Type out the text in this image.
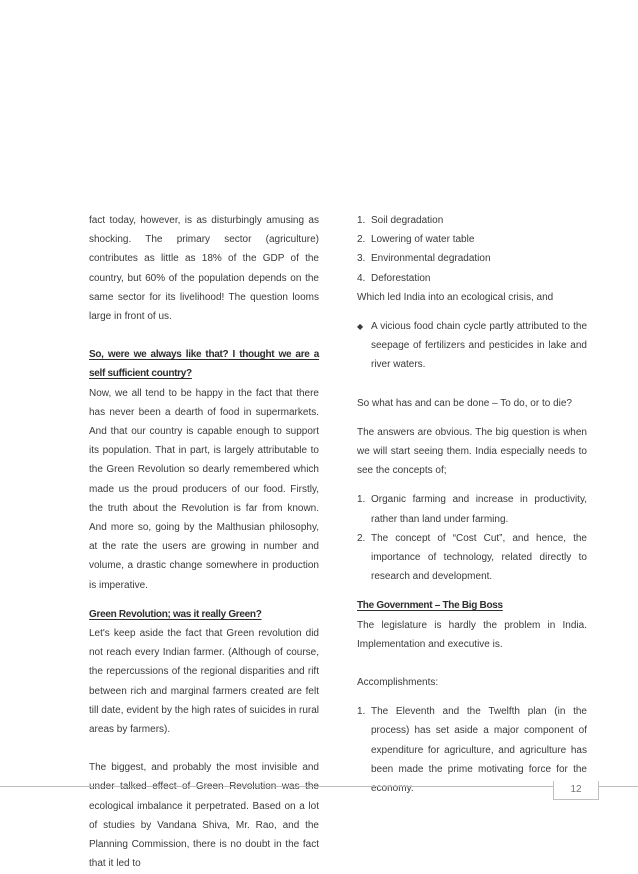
fact today, however, is as disturbingly amusing as shocking. The primary sector (agriculture) contributes as little as 18% of the GDP of the country, but 60% of the population depends on the same sector for its livelihood! The question looms large in front of us.

So, were we always like that? I thought we are a self sufficient country?

Now, we all tend to be happy in the fact that there has never been a dearth of food in supermarkets. And that our country is capable enough to support its population. That in part, is largely attributable to the Green Revolution so dearly remembered which made us the proud producers of our food. Firstly, the truth about the Revolution is far from known. And more so, going by the Malthusian philosophy, at the rate the users are growing in number and volume, a drastic change somewhere in production is imperative.

Green Revolution; was it really Green?

Let's keep aside the fact that Green revolution did not reach every Indian farmer. (Although of course, the repercussions of the regional disparities and rift between rich and marginal farmers created are felt till date, evident by the high rates of suicides in rural areas by farmers).

The biggest, and probably the most invisible and under talked effect of Green Revolution was the ecological imbalance it perpetrated. Based on a lot of studies by Vandana Shiva, Mr. Rao, and the Planning Commission, there is no doubt in the fact that it led to

1. Soil degradation
2. Lowering of water table
3. Environmental degradation
4. Deforestation

Which led India into an ecological crisis, and

◆ A vicious food chain cycle partly attributed to the seepage of fertilizers and pesticides in lake and river waters.

So what has and can be done – To do, or to die?

The answers are obvious. The big question is when we will start seeing them. India especially needs to see the concepts of;

1. Organic farming and increase in productivity, rather than land under farming.
2. The concept of “Cost Cut”, and hence, the importance of technology, related directly to research and development.

The Government – The Big Boss

The legislature is hardly the problem in India. Implementation and executive is.

Accomplishments:

1. The Eleventh and the Twelfth plan (in the process) has set aside a major component of expenditure for agriculture, and agriculture has been made the prime motivating force for the economy.	12
